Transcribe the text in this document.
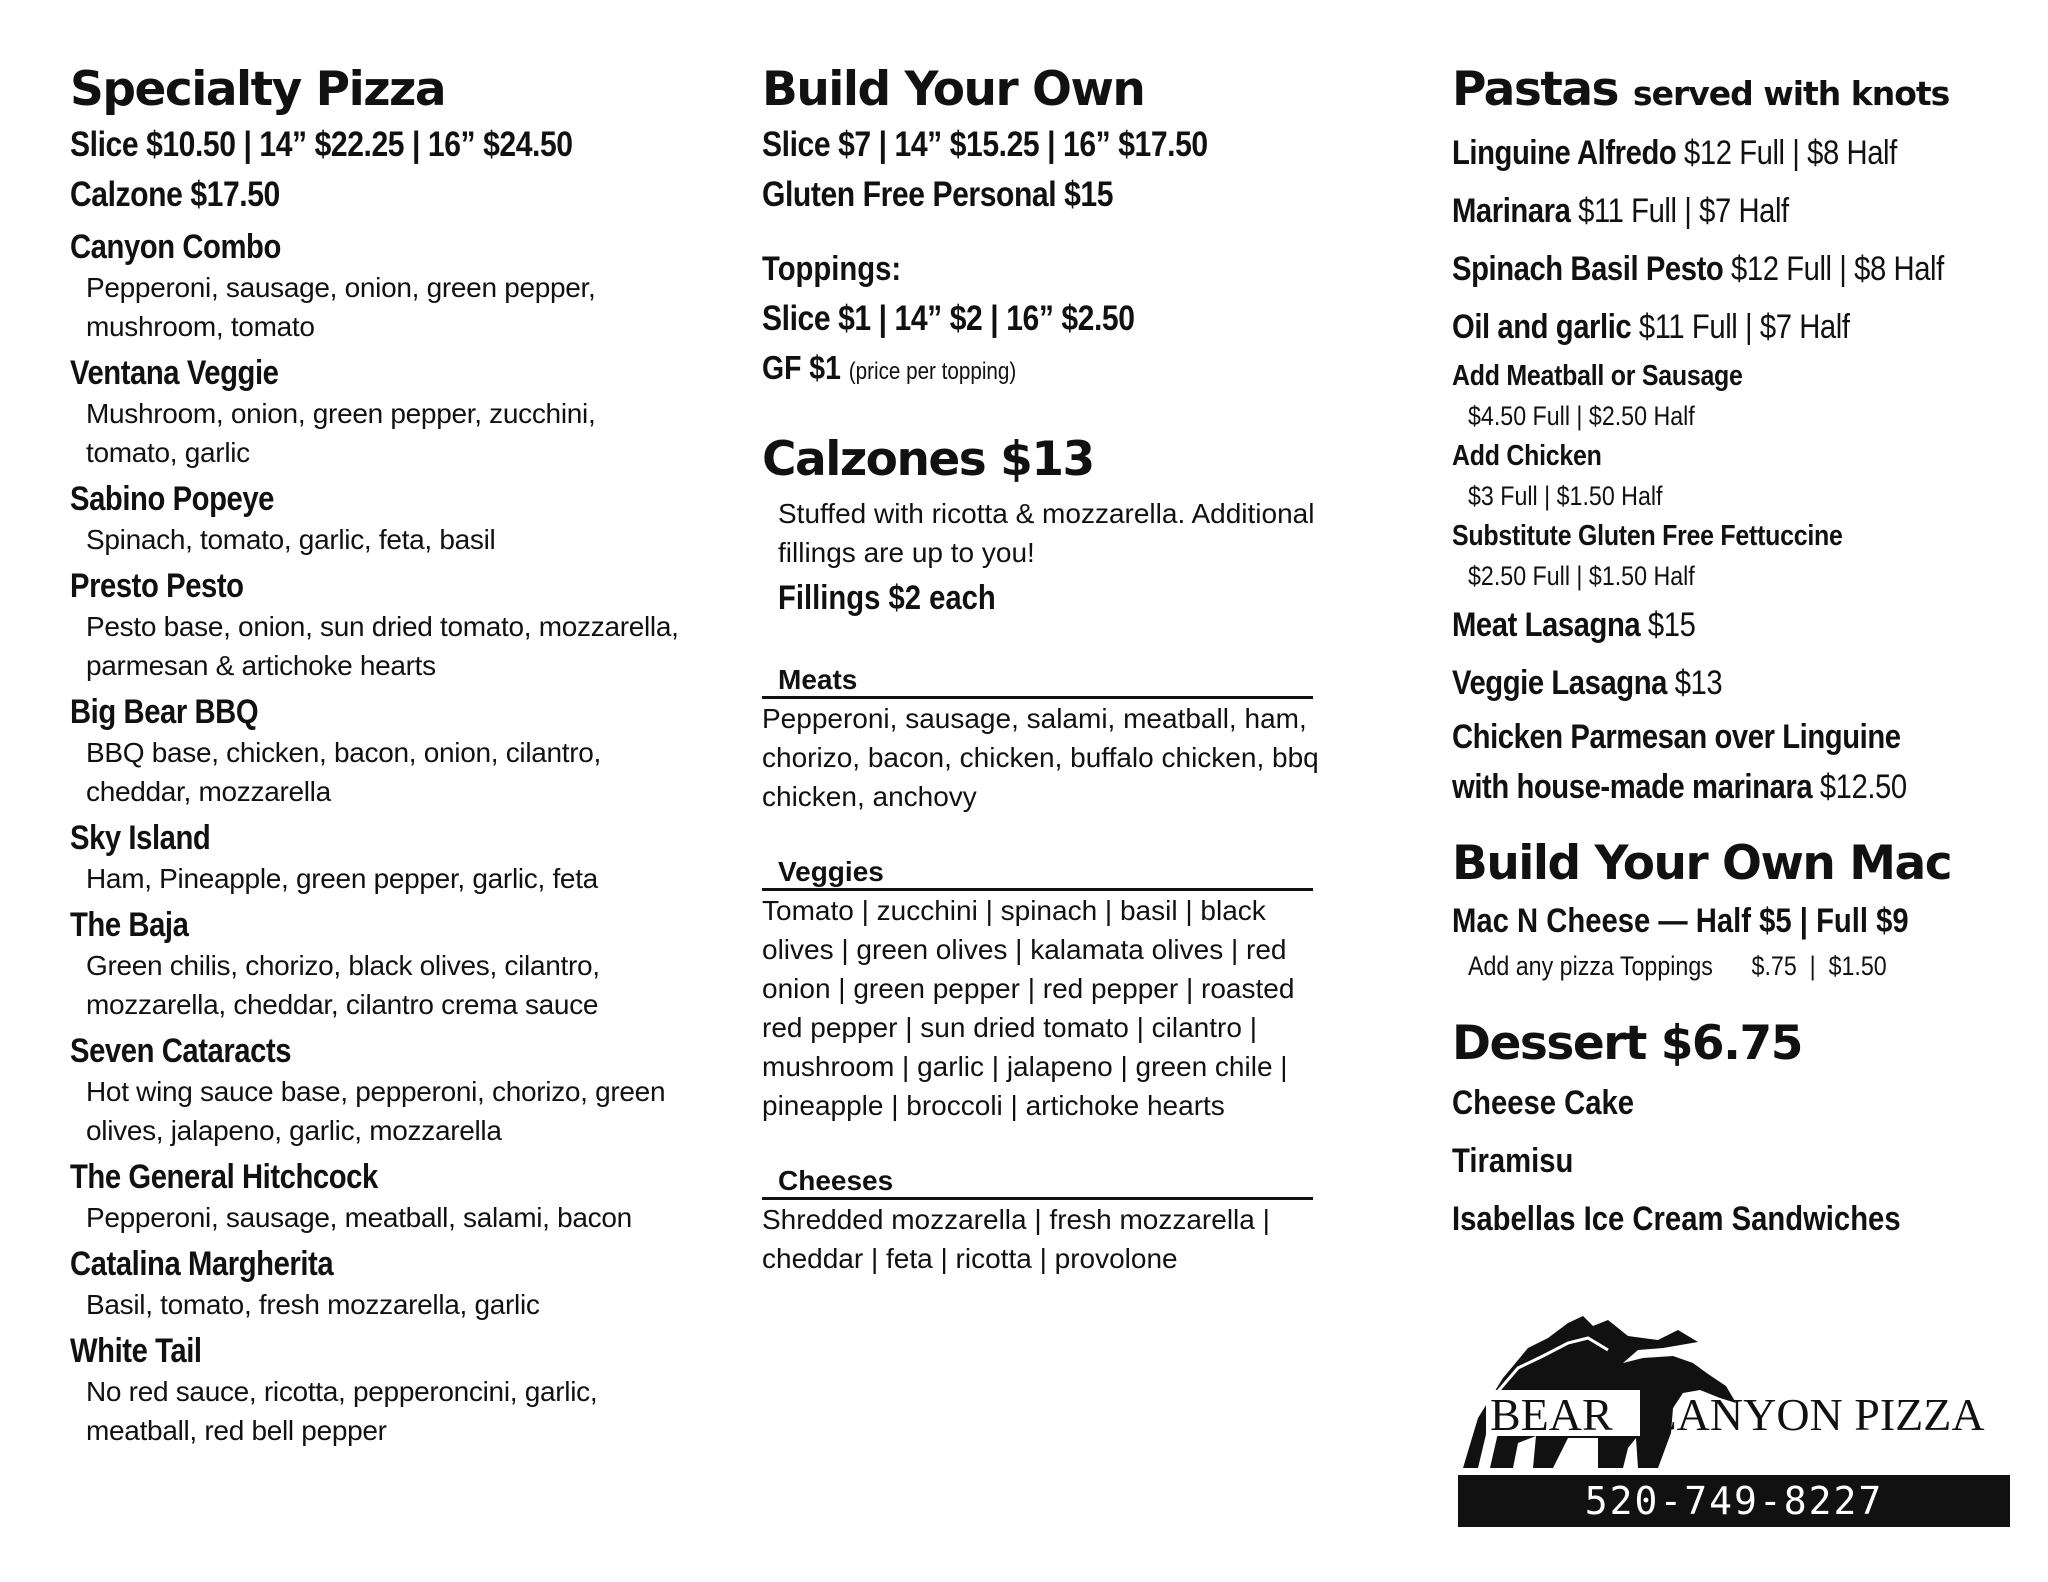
Specialty Pizza
Slice $10.50 | 14” $22.25 | 16” $24.50
Calzone $17.50
Canyon Combo
Pepperoni, sausage, onion, green pepper, mushroom, tomato
Ventana Veggie
Mushroom, onion, green pepper, zucchini, tomato, garlic
Sabino Popeye
Spinach, tomato, garlic, feta, basil
Presto Pesto
Pesto base, onion, sun dried tomato, mozzarella, parmesan & artichoke hearts
Big Bear BBQ
BBQ base, chicken, bacon, onion, cilantro, cheddar, mozzarella
Sky Island
Ham, Pineapple, green pepper, garlic, feta
The Baja
Green chilis, chorizo, black olives, cilantro, mozzarella, cheddar, cilantro crema sauce
Seven Cataracts
Hot wing sauce base, pepperoni, chorizo, green olives, jalapeno, garlic, mozzarella
The General Hitchcock
Pepperoni, sausage, meatball, salami, bacon
Catalina Margherita
Basil, tomato, fresh mozzarella, garlic
White Tail
No red sauce, ricotta, pepperoncini, garlic, meatball, red bell pepper
Build Your Own
Slice $7 | 14” $15.25 | 16” $17.50
Gluten Free Personal $15
Toppings:
Slice $1 | 14” $2 | 16” $2.50
GF $1 (price per topping)
Calzones $13
Stuffed with ricotta & mozzarella. Additional fillings are up to you!
Fillings $2 each
Meats
Pepperoni, sausage, salami, meatball, ham, chorizo, bacon, chicken, buffalo chicken, bbq chicken, anchovy
Veggies
Tomato | zucchini | spinach | basil | black olives | green olives | kalamata olives | red onion | green pepper | red pepper | roasted red pepper | sun dried tomato | cilantro | mushroom | garlic | jalapeno | green chile | pineapple | broccoli | artichoke hearts
Cheeses
Shredded mozzarella | fresh mozzarella | cheddar | feta | ricotta | provolone
Pastas served with knots
Linguine Alfredo $12 Full | $8 Half
Marinara $11 Full | $7 Half
Spinach Basil Pesto $12 Full | $8 Half
Oil and garlic $11 Full | $7 Half
Add Meatball or Sausage
$4.50 Full | $2.50 Half
Add Chicken
$3 Full | $1.50 Half
Substitute Gluten Free Fettuccine
$2.50 Full | $1.50 Half
Meat Lasagna $15
Veggie Lasagna $13
Chicken Parmesan over Linguine
with house-made marinara $12.50
Build Your Own Mac
Mac N Cheese — Half $5 | Full $9
Add any pizza Toppings $.75  |  $1.50
Dessert $6.75
Cheese Cake
Tiramisu
Isabellas Ice Cream Sandwiches
BEAR CANYON PIZZA
520-749-8227
